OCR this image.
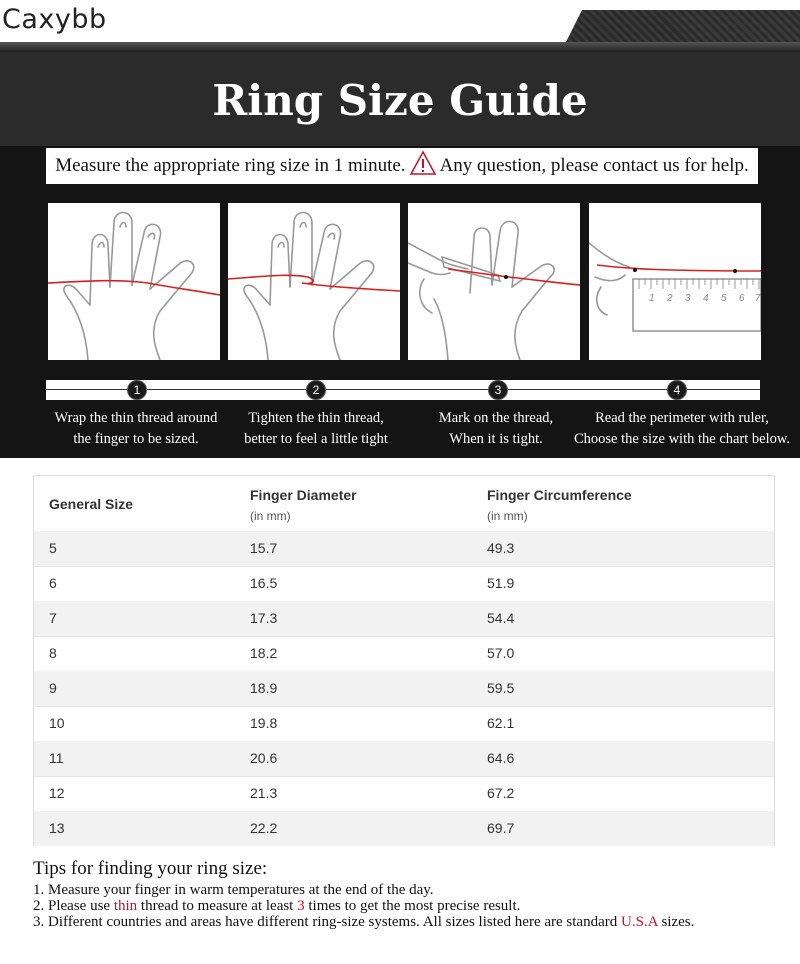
Caxybb
Ring Size Guide
Measure the appropriate ring size in 1 minute. Any question, please contact us for help.
1 2 3 4 5 6 7
1	2	3	4
Wrap the thin thread around
the finger to be sized.
Tighten the thin thread,
better to feel a little tight
Mark on the thread,
When it is tight.
Read the perimeter with ruler,
Choose the size with the chart below.
General Size
Finger Diameter
(in mm)
Finger Circumference
(in mm)
5	15.7	49.3
6	16.5	51.9
7	17.3	54.4
8	18.2	57.0
9	18.9	59.5
10	19.8	62.1
11	20.6	64.6
12	21.3	67.2
13	22.2	69.7
Tips for finding your ring size:
1. Measure your finger in warm temperatures at the end of the day.
2. Please use thin thread to measure at least 3 times to get the most precise result.
3. Different countries and areas have different ring-size systems. All sizes listed here are standard U.S.A sizes.
